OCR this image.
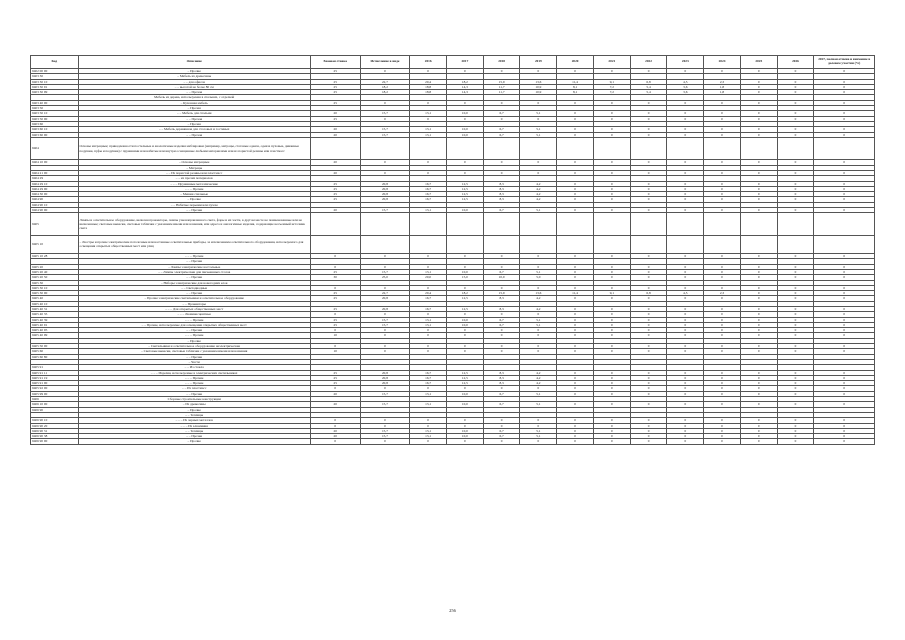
Код	Описание	Базовая ставка	Исчисление в виде	2016	2017	2018	2019	2020	2021	2022	2023	2024	2025	2026	2027, полная отмена и взимание в долевом участии (%)
9402 00 00	– Прочие	25	0	0	0	0	0	0	0	0	0	0	0	0	0
9403 30	– Мебель из древесины														
9403 30 10	– – для офисов	25	22,7	20,4	18,2	15,9	13,6	11,4	9,1	6,8	4,5	2,3	0	0	0
9403 30 91	– – высотой не более 80 см	25	18,2	18,8	14,3	11,7	10,9	8,1	7,2	5,4	3,6	1,8	0	0	0
9403 30 99	– – Прочая	25	18,2	18,8	14,3	11,7	10,9	8,1	7,2	5,4	3,6	1,8	0	0	0
	Мебель из дерева, используемая в спальнях, с отделкой														
9403 40 00	– Кухонная мебель	25	0	0	0	0	0	0	0	0	0	0	0	0	0
9403 50	– Прочая														
9403 50 10	– – Мебель для спальни	20	15,7	13,1	10,0	6,7	5,1	0	0	0	0	0	0	0	0
9403 50 90	– – Прочая	25	0	0	0	0	0	0	0	0	0	0	0	0	0
9403 60	– Прочая														
9403 60 10	– – Мебель деревянная для столовых и гостиных	20	15,7	13,1	10,0	6,7	5,1	0	0	0	0	0	0	0	0
9403 60 90	– – Прочая	20	15,7	13,1	10,0	6,7	5,1	0	0	0	0	0	0	0	0
9404	Основы матрацные; принадлежности постельные и аналогичные изделия меблировки (например, матрацы, стеганые одеяла, одеяла пуховые, диванные подушки, пуфы и подушки) с пружинами или набитые или внутри оснащенные любыми материалами или из пористой резины или пластмасс														
9404 10 00	– Основы матрацные	20	0	0	0	0	0	0	0	0	0	0	0	0	0
	– Матрацы														
9404 21 00	– – Из пористой резины или пластмасс	20	0	0	0	0	0	0	0	0	0	0	0	0	0
9404 29	– – из прочих материалов														
9404 29 10	– – – Пружинные металлические	25	20,8	16,7	12,5	8,3	4,2	0	0	0	0	0	0	0	0
9404 29 90	– – – Прочие	25	20,8	16,7	12,5	8,3	4,2	0	0	0	0	0	0	0	0
9404 30 00	– Мешки спальные	25	20,8	16,7	12,5	8,3	4,2	0	0	0	0	0	0	0	0
9404 90	– Прочие	25	20,8	16,7	12,5	8,3	4,2	0	0	0	0	0	0	0	0
9404 90 10	– – Набитые перьями или пухом														
9404 90 90	– – Прочие	20	15,7	13,1	10,0	6,7	5,1	0	0	0	0	0	0	0	0
9405	Лампы и осветительное оборудование, включая прожекторы, лампы узконаправленного света, фары и их части, в другом месте не поименованные или не включенные; световые вывески, световые таблички с указанием имени или названия, или адреса и аналогичные изделия, содержащие несъемный источник света														
9405 10	– Люстры и прочие электрические потолочные или настенные осветительные приборы, за исключением осветительного оборудования, используемого для освещения открытых общественных мест или улиц														
9405 10 28	– – – Прочие	0	0	0	0	0	0	0	0	0	0	0	0	0	0
	– – Прочие														
9405 20	– Лампы электрические настольные	0	0	0	0	0	0	0	0	0	0	0	0	0	0
9405 20 40	– – Лампы электрические для письменных столов	25	15,7	13,1	10,0	6,7	5,1	0	0	0	0	0	0	0	0
9405 20 50	– – Прочие	30	25,0	20,0	15,0	10,0	5,0	0	0	0	0	0	0	0	0
9405 30	– Наборы электрические для новогодних елок														
9405 30 10	– – Светодиодные	0	0	0	0	0	0	0	0	0	0	0	0	0	0
9405 30 90	– – Прочие	25	22,7	20,4	18,2	15,9	13,6	11,4	9,1	6,8	4,5	2,3	0	0	0
9405 40	– Прочие электрические светильники и осветительное оборудование	25	20,8	16,7	12,5	8,3	4,2	0	0	0	0	0	0	0	0
9405 40 10	– – Прожекторы														
9405 40 31	– – – Для открытых общественных мест	25	20,8	16,7	12,5	8,3	4,2	0	0	0	0	0	0	0	0
9405 40 35	– – – Люминесцентные	0	0	0	0	0	0	0	0	0	0	0	0	0	0
9405 40 39	– – – Прочие	25	15,7	13,1	10,0	6,7	5,1	0	0	0	0	0	0	0	0
9405 40 91	– – Прочие, используемые для освещения открытых общественных мест	25	15,7	13,1	10,0	6,7	5,1	0	0	0	0	0	0	0	0
9405 40 95	– – Прочие	0	0	0	0	0	0	0	0	0	0	0	0	0	0
9405 40 99	– – – Прочие	10	0	0	0	0	0	0	0	0	0	0	0	0	0
	– Прочие														
9405 50 00	– Светильники и осветительное оборудование неэлектрические	0	0	0	0	0	0	0	0	0	0	0	0	0	0
9405 60	– Световые вывески, световые таблички с указанием имени или названия	10	0	0	0	0	0	0	0	0	0	0	0	0	0
9405 60 80	– – Прочие														
	– Части														
9405 91	– – Из стекла														
9405 91 11	– – – Изделия, используемые в электрических светильниках	25	20,8	16,7	12,5	8,3	4,2	0	0	0	0	0	0	0	0
9405 91 19	– – – Прочие	25	20,8	16,7	12,5	8,3	4,2	0	0	0	0	0	0	0	0
9405 91 90	– – – Прочие	25	20,8	16,7	12,5	8,3	4,2	0	0	0	0	0	0	0	0
9405 92 00	– – Из пластмасс	0	0	0	0	0	0	0	0	0	0	0	0	0	0
9405 99 00	– – Прочие	20	15,7	13,1	10,0	6,7	5,1	0	0	0	0	0	0	0	0
9406	Сборные строительные конструкции														
9406 10 00	– Из древесины	20	15,7	13,1	10,0	6,7	5,1	0	0	0	0	0	0	0	0
9406 90	– Прочие														
	– – Теплицы														
9406 90 10	– – – Из черных металлов	0	0	0	0	0	0	0	0	0	0	0	0	0	0
9406 90 20	– – – Из алюминия	0	0	0	0	0	0	0	0	0	0	0	0	0	0
9406 90 31	– – Теплицы	20	15,7	13,1	10,0	6,7	5,1	0	0	0	0	0	0	0	0
9406 90 38	– – Прочие	20	15,7	13,1	10,0	6,7	5,1	0	0	0	0	0	0	0	0
9406 90 90	– Прочие	0	0	0	0	0	0	0	0	0	0	0	0	0	0
256
